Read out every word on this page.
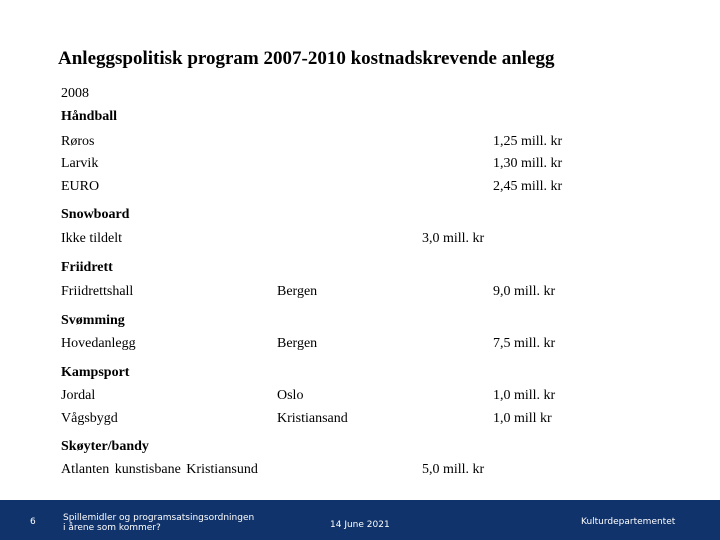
Anleggspolitisk program 2007-2010 kostnadskrevende anlegg
2008
Håndball
Røros	1,25 mill. kr
Larvik	1,30 mill. kr
EURO	2,45 mill. kr
Snowboard
Ikke tildelt	3,0 mill. kr
Friidrett
Friidrettshall	Bergen	9,0 mill. kr
Svømming
Hovedanlegg	Bergen	7,5 mill. kr
Kampsport
Jordal	Oslo	1,0 mill. kr
Vågsbygd	Kristiansand	1,0 mill kr
Skøyter/bandy
Atlanten kunstisbane Kristiansund	5,0 mill. kr
6	Spillemidler og programsatsingsordningen
i årene som kommer?	14 June 2021	Kulturdepartementet
